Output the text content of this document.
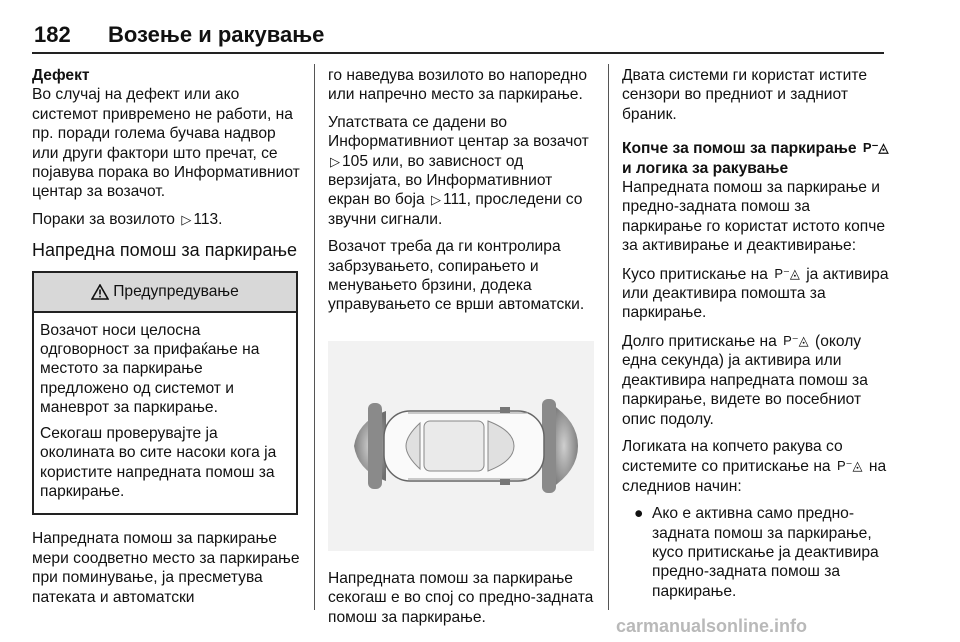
182 Возење и ракување

Дефект

Во случај на дефект или ако системот привремено не работи, на пр. поради голема бучава надвор или други фактори што пречат, се појавува порака во Информативниот центар за возачот.

Пораки за возилото ▷ 113.

Напредна помош за паркирање
Предупредување

Возачот носи целосна одговорност за прифаќање на местото за паркирање предложено од системот и маневрот за паркирање.

Секогаш проверувајте ја околината во сите насоки кога ја користите напредната помош за паркирање.

Напредната помош за паркирање мери соодветно место за паркирање при поминување, ја пресметува патеката и автоматски

го наведува возилото во напоредно или напречно место за паркирање.

Упатствата се дадени во Информативниот центар за возачот ▷ 105 или, во зависност од верзијата, во Информативниот екран во боја ▷ 111, проследени со звучни сигнали.

Возачот треба да ги контролира забрзувањето, сопирањето и менувањето брзини, додека управувањето се врши автоматски.

Напредната помош за паркирање секогаш е во спој со предно-задната помош за паркирање.

Двата системи ги користат истите сензори во предниот и задниот браник.

Копче за помош за паркирање P⁻◬

и логика за ракување

Напредната помош за паркирање и предно-задната помош за паркирање го користат истото копче за активирање и деактивирање:

Кусо притискање на P⁻◬ ја активира или деактивира помошта за паркирање.

Долго притискање на P⁻◬ (околу една секунда) ја активира или деактивира напредната помош за паркирање, видете во посебниот опис подолу.

Логиката на копчето ракува со системите со притискање на P⁻◬ на следниов начин:

● Ако е активна само предно-задната помош за паркирање, кусо притискање ја деактивира предно-задната помош за паркирање.
carmanualsonline.info
